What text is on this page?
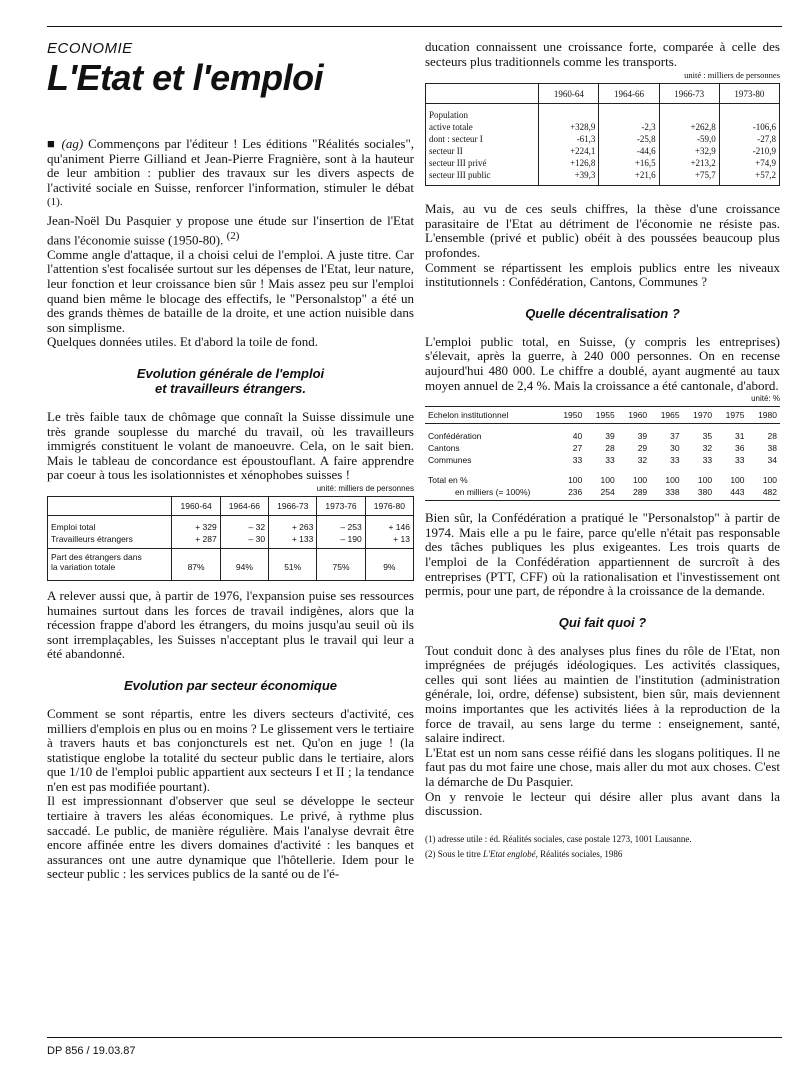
ECONOMIE
L'Etat et l'emploi

■ (ag) Commençons par l'éditeur ! Les éditions "Réalités sociales", qu'animent Pierre Gilliand et Jean-Pierre Fragnière, sont à la hauteur de leur ambition : publier des travaux sur les divers aspects de l'activité sociale en Suisse, renforcer l'information, stimuler le débat $^{(1).}$

Jean-Noël Du Pasquier y propose une étude sur l'insertion de l'Etat dans l'économie suisse (1950-80). $^{(2)}$

Comme angle d'attaque, il a choisi celui de l'emploi. A juste titre. Car l'attention s'est focalisée surtout sur les dépenses de l'Etat, leur nature, leur fonction et leur croissance bien sûr ! Mais assez peu sur l'emploi quand bien même le blocage des effectifs, le "Personalstop" a été un des grands thèmes de bataille de la droite, et une action nuisible dans son simplisme.

Quelques données utiles. Et d'abord la toile de fond.

Evolution générale de l'emploi
et travailleurs étrangers.

Le très faible taux de chômage que connaît la Suisse dissimule une très grande souplesse du marché du travail, où les travailleurs immigrés constituent le volant de manoeuvre. Cela, on le sait bien. Mais le tableau de concordance est époustouflant. A faire apprendre par coeur à tous les isolationnistes et xénophobes suisses !

unité: milliers de personnes
	1960-64	1964-66	1966-73	1973-76	1976-80
Emploi total	+ 329	– 32	+ 263	– 253	+ 146
Travailleurs étrangers	+ 287	– 30	+ 133	– 190	+ 13
Part des étrangers dans
la variation totale	87%	94%	51%	75%	9%

A relever aussi que, à partir de 1976, l'expansion puise ses ressources humaines surtout dans les forces de travail indigènes, alors que la récession frappe d'abord les étrangers, du moins jusqu'au seuil où ils sont irremplaçables, les Suisses n'acceptant plus le travail qui leur a été abandonné.

Evolution par secteur économique

Comment se sont répartis, entre les divers secteurs d'activité, ces milliers d'emplois en plus ou en moins ? Le glissement vers le tertiaire à travers hauts et bas conjoncturels est net. Qu'on en juge ! (la statistique englobe la totalité du secteur public dans le tertiaire, alors que 1/10 de l'emploi public appartient aux secteurs I et II ; la tendance n'en est pas modifiée pourtant).

Il est impressionnant d'observer que seul se développe le secteur tertiaire à travers les aléas économiques. Le privé, à rythme plus saccadé. Le public, de manière régulière. Mais l'analyse devrait être encore affinée entre les divers domaines d'activité : les banques et assurances ont une autre dynamique que l'hôtellerie. Idem pour le secteur public : les services publics de la santé ou de l'é-

ducation connaissent une croissance forte, comparée à celle des secteurs plus traditionnels comme les transports.

unité : milliers de personnes
	1960-64	1964-66	1966-73	1973-80
Population				
active totale	+328,9	-2,3	+262,8	-106,6
dont : secteur I	-61,3	-25,8	-59,0	-27,8
secteur II	+224,1	-44,6	+32,9	-210,9
secteur III privé	+126,8	+16,5	+213,2	+74,9
secteur III public	+39,3	+21,6	+75,7	+57,2

Mais, au vu de ces seuls chiffres, la thèse d'une croissance parasitaire de l'Etat au détriment de l'économie ne résiste pas. L'ensemble (privé et public) obéit à des poussées beaucoup plus profondes.

Comment se répartissent les emplois publics entre les niveaux institutionnels : Confédération, Cantons, Communes ?

Quelle décentralisation ?

L'emploi public total, en Suisse, (y compris les entreprises) s'élevait, après la guerre, à 240 000 personnes. On en recense aujourd'hui 480 000. Le chiffre a doublé, ayant augmenté au taux moyen annuel de 2,4 %. Mais la croissance a été cantonale, d'abord.

unité: %
Echelon institutionnel	1950	1955	1960	1965	1970	1975	1980
Confédération	40	39	39	37	35	31	28
Cantons	27	28	29	30	32	36	38
Communes	33	33	32	33	33	33	34
Total en %	100	100	100	100	100	100	100
en milliers (= 100%)	236	254	289	338	380	443	482

Bien sûr, la Confédération a pratiqué le "Personalstop" à partir de 1974. Mais elle a pu le faire, parce qu'elle n'était pas responsable des tâches publiques les plus exigeantes. Les trois quarts de l'emploi de la Confédération appartiennent de surcroît à des entreprises (PTT, CFF) où la rationalisation et l'investissement ont permis, pour une part, de répondre à la croissance de la demande.

Qui fait quoi ?

Tout conduit donc à des analyses plus fines du rôle de l'Etat, non imprégnées de préjugés idéologiques. Les activités classiques, celles qui sont liées au maintien de l'institution (administration générale, loi, ordre, défense) subsistent, bien sûr, mais deviennent moins importantes que les activités liées à la reproduction de la force de travail, au sens large du terme : enseignement, santé, salaire indirect.

L'Etat est un nom sans cesse réifié dans les slogans politiques. Il ne faut pas du mot faire une chose, mais aller du mot aux choses. C'est la démarche de Du Pasquier.

On y renvoie le lecteur qui désire aller plus avant dans la discussion.

(1) adresse utile : éd. Réalités sociales, case postale 1273, 1001 Lausanne.
(2) Sous le titre L'Etat englobé, Réalités sociales, 1986
DP 856 / 19.03.87
